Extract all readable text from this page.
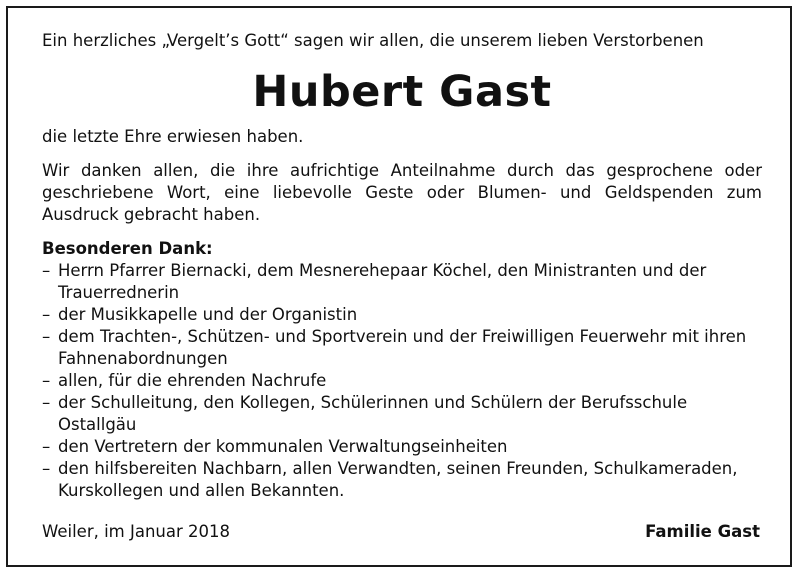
Ein herzliches „Vergelt’s Gott“ sagen wir allen, die unserem lieben Verstorbenen

Hubert Gast

die letzte Ehre erwiesen haben.

Wir danken allen, die ihre aufrichtige Anteilnahme durch das gesprochene oder geschriebene Wort, eine liebevolle Geste oder Blumen- und Geldspenden zum Ausdruck gebracht haben.

Besonderen Dank:

– Herrn Pfarrer Biernacki, dem Mesnerehepaar Köchel, den Ministranten und der Trauerrednerin
– der Musikkapelle und der Organistin
– dem Trachten-, Schützen- und Sportverein und der Freiwilligen Feuerwehr mit ihren Fahnenabordnungen
– allen, für die ehrenden Nachrufe
– der Schulleitung, den Kollegen, Schülerinnen und Schülern der Berufsschule Ostallgäu
– den Vertretern der kommunalen Verwaltungseinheiten
– den hilfsbereiten Nachbarn, allen Verwandten, seinen Freunden, Schulkameraden, Kurskollegen und allen Bekannten.
Weiler, im Januar 2018	Familie Gast
